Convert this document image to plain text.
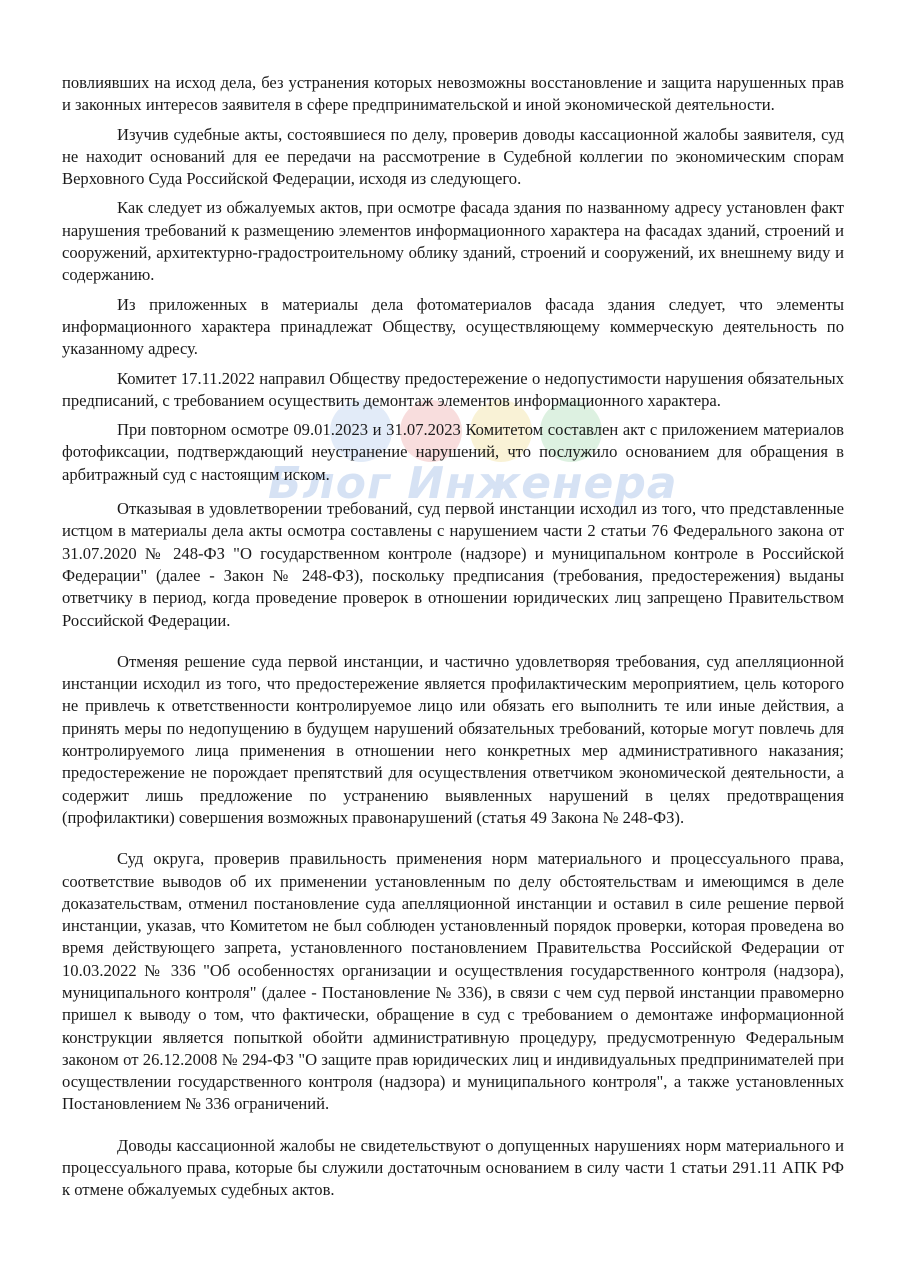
Блог Инженера

повлиявших на исход дела, без устранения которых невозможны восстановление и защита нарушенных прав и законных интересов заявителя в сфере предпринимательской и иной экономической деятельности.

Изучив судебные акты, состоявшиеся по делу, проверив доводы кассационной жалобы заявителя, суд не находит оснований для ее передачи на рассмотрение в Судебной коллегии по экономическим спорам Верховного Суда Российской Федерации, исходя из следующего.

Как следует из обжалуемых актов, при осмотре фасада здания по названному адресу установлен факт нарушения требований к размещению элементов информационного характера на фасадах зданий, строений и сооружений, архитектурно-градостроительному облику зданий, строений и сооружений, их внешнему виду и содержанию.

Из приложенных в материалы дела фотоматериалов фасада здания следует, что элементы информационного характера принадлежат Обществу, осуществляющему коммерческую деятельность по указанному адресу.

Комитет 17.11.2022 направил Обществу предостережение о недопустимости нарушения обязательных предписаний, с требованием осуществить демонтаж элементов информационного характера.

При повторном осмотре 09.01.2023 и 31.07.2023 Комитетом составлен акт с приложением материалов фотофиксации, подтверждающий неустранение нарушений, что послужило основанием для обращения в арбитражный суд с настоящим иском.

Отказывая в удовлетворении требований, суд первой инстанции исходил из того, что представленные истцом в материалы дела акты осмотра составлены с нарушением части 2 статьи 76 Федерального закона от 31.07.2020 № 248-ФЗ "О государственном контроле (надзоре) и муниципальном контроле в Российской Федерации" (далее - Закон № 248-ФЗ), поскольку предписания (требования, предостережения) выданы ответчику в период, когда проведение проверок в отношении юридических лиц запрещено Правительством Российской Федерации.

Отменяя решение суда первой инстанции, и частично удовлетворяя требования, суд апелляционной инстанции исходил из того, что предостережение является профилактическим мероприятием, цель которого не привлечь к ответственности контролируемое лицо или обязать его выполнить те или иные действия, а принять меры по недопущению в будущем нарушений обязательных требований, которые могут повлечь для контролируемого лица применения в отношении него конкретных мер административного наказания; предостережение не порождает препятствий для осуществления ответчиком экономической деятельности, а содержит лишь предложение по устранению выявленных нарушений в целях предотвращения (профилактики) совершения возможных правонарушений (статья 49 Закона № 248-ФЗ).

Суд округа, проверив правильность применения норм материального и процессуального права, соответствие выводов об их применении установленным по делу обстоятельствам и имеющимся в деле доказательствам, отменил постановление суда апелляционной инстанции и оставил в силе решение первой инстанции, указав, что Комитетом не был соблюден установленный порядок проверки, которая проведена во время действующего запрета, установленного постановлением Правительства Российской Федерации от 10.03.2022 № 336 "Об особенностях организации и осуществления государственного контроля (надзора), муниципального контроля" (далее - Постановление № 336), в связи с чем суд первой инстанции правомерно пришел к выводу о том, что фактически, обращение в суд с требованием о демонтаже информационной конструкции является попыткой обойти административную процедуру, предусмотренную Федеральным законом от 26.12.2008 № 294-ФЗ "О защите прав юридических лиц и индивидуальных предпринимателей при осуществлении государственного контроля (надзора) и муниципального контроля", а также установленных Постановлением № 336 ограничений.

Доводы кассационной жалобы не свидетельствуют о допущенных нарушениях норм материального и процессуального права, которые бы служили достаточным основанием в силу части 1 статьи 291.11 АПК РФ к отмене обжалуемых судебных актов.
